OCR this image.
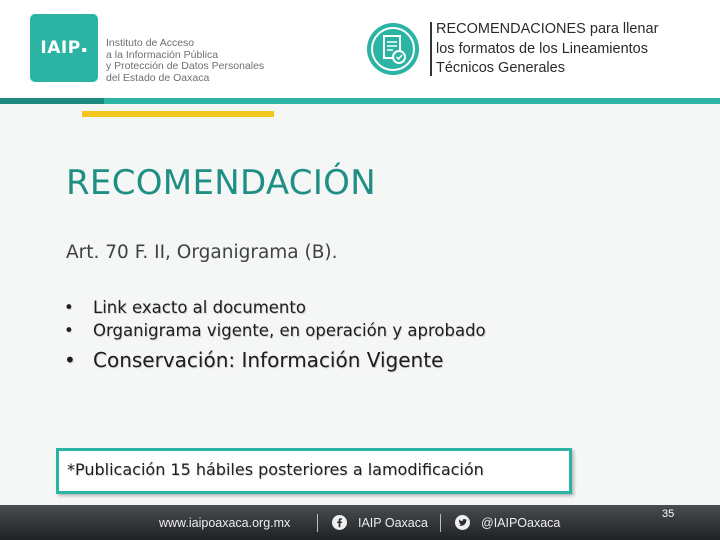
IAIP▪
Instituto de Acceso
a la Información Pública
y Protección de Datos Personales
del Estado de Oaxaca
RECOMENDACIONES para llenar
los formatos de los Lineamientos
Técnicos Generales
RECOMENDACIÓN
Art. 70 F. II, Organigrama (B).
• Link exacto al documento
• Organigrama vigente, en operación y aprobado
• Conservación: Información Vigente
*Publicación 15 hábiles posteriores a lamodificación
www.iaipoaxaca.org.mx	IAIP Oaxaca	@IAIPOaxaca
35
